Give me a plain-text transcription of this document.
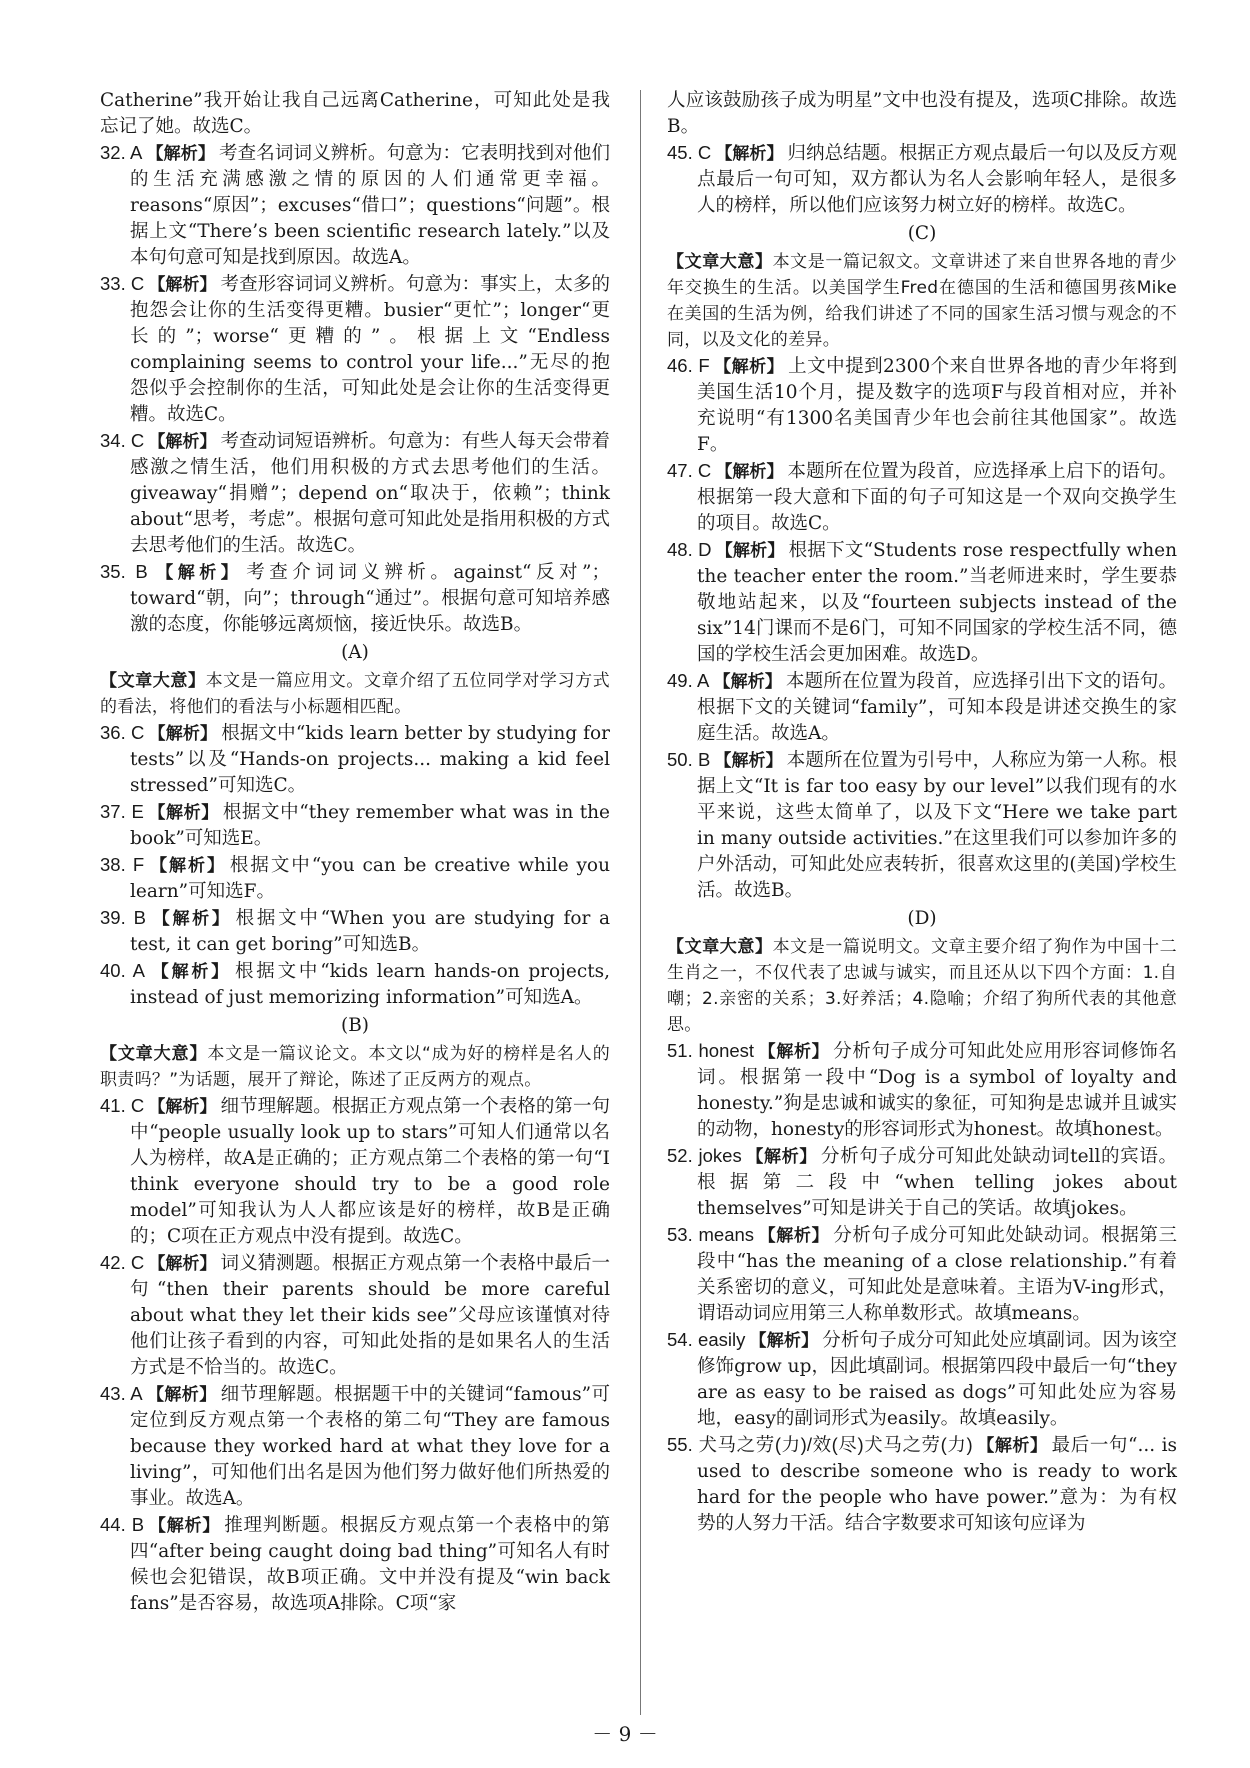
Catherine”我开始让我自己远离Catherine，可知此处是我忘记了她。故选C。

32. A 【解析】 考查名词词义辨析。句意为：它表明找到对他们的生活充满感激之情的原因的人们通常更幸福。reasons“原因”；excuses“借口”；questions“问题”。根据上文“There’s been scientific research lately.”以及本句句意可知是找到原因。故选A。

33. C 【解析】 考查形容词词义辨析。句意为：事实上，太多的抱怨会让你的生活变得更糟。busier“更忙”；longer“更长的”；worse“更糟的”。根据上文“Endless complaining seems to control your life...”无尽的抱怨似乎会控制你的生活，可知此处是会让你的生活变得更糟。故选C。

34. C 【解析】 考查动词短语辨析。句意为：有些人每天会带着感激之情生活，他们用积极的方式去思考他们的生活。giveaway“捐赠”；depend on“取决于，依赖”；think about“思考，考虑”。根据句意可知此处是指用积极的方式去思考他们的生活。故选C。

35. B 【解析】 考查介词词义辨析。against“反对”；toward“朝，向”；through“通过”。根据句意可知培养感激的态度，你能够远离烦恼，接近快乐。故选B。

(A)

【文章大意】本文是一篇应用文。文章介绍了五位同学对学习方式的看法，将他们的看法与小标题相匹配。

36. C 【解析】 根据文中“kids learn better by studying for tests”以及“Hands-on projects... making a kid feel stressed”可知选C。

37. E 【解析】 根据文中“they remember what was in the book”可知选E。

38. F 【解析】 根据文中“you can be creative while you learn”可知选F。

39. B 【解析】 根据文中“When you are studying for a test, it can get boring”可知选B。

40. A 【解析】 根据文中“kids learn hands-on projects, instead of just memorizing information”可知选A。

(B)

【文章大意】本文是一篇议论文。本文以“成为好的榜样是名人的职责吗？”为话题，展开了辩论，陈述了正反两方的观点。

41. C 【解析】 细节理解题。根据正方观点第一个表格的第一句中“people usually look up to stars”可知人们通常以名人为榜样，故A是正确的；正方观点第二个表格的第一句“I think everyone should try to be a good role model”可知我认为人人都应该是好的榜样，故B是正确的；C项在正方观点中没有提到。故选C。

42. C 【解析】 词义猜测题。根据正方观点第一个表格中最后一句“then their parents should be more careful about what they let their kids see”父母应该谨慎对待他们让孩子看到的内容，可知此处指的是如果名人的生活方式是不恰当的。故选C。

43. A 【解析】 细节理解题。根据题干中的关键词“famous”可定位到反方观点第一个表格的第二句“They are famous because they worked hard at what they love for a living”，可知他们出名是因为他们努力做好他们所热爱的事业。故选A。

44. B 【解析】 推理判断题。根据反方观点第一个表格中的第四“after being caught doing bad thing”可知名人有时候也会犯错误，故B项正确。文中并没有提及“win back fans”是否容易，故选项A排除。C项“家

人应该鼓励孩子成为明星”文中也没有提及，选项C排除。故选B。

45. C 【解析】 归纳总结题。根据正方观点最后一句以及反方观点最后一句可知，双方都认为名人会影响年轻人，是很多人的榜样，所以他们应该努力树立好的榜样。故选C。

(C)

【文章大意】本文是一篇记叙文。文章讲述了来自世界各地的青少年交换生的生活。以美国学生Fred在德国的生活和德国男孩Mike在美国的生活为例，给我们讲述了不同的国家生活习惯与观念的不同，以及文化的差异。

46. F 【解析】 上文中提到2300个来自世界各地的青少年将到美国生活10个月，提及数字的选项F与段首相对应，并补充说明“有1300名美国青少年也会前往其他国家”。故选F。

47. C 【解析】 本题所在位置为段首，应选择承上启下的语句。根据第一段大意和下面的句子可知这是一个双向交换学生的项目。故选C。

48. D 【解析】 根据下文“Students rose respectfully when the teacher enter the room.”当老师进来时，学生要恭敬地站起来，以及“fourteen subjects instead of the six”14门课而不是6门，可知不同国家的学校生活不同，德国的学校生活会更加困难。故选D。

49. A 【解析】 本题所在位置为段首，应选择引出下文的语句。根据下文的关键词“family”，可知本段是讲述交换生的家庭生活。故选A。

50. B 【解析】 本题所在位置为引号中，人称应为第一人称。根据上文“It is far too easy by our level”以我们现有的水平来说，这些太简单了，以及下文“Here we take part in many outside activities.”在这里我们可以参加许多的户外活动，可知此处应表转折，很喜欢这里的(美国)学校生活。故选B。

(D)

【文章大意】本文是一篇说明文。文章主要介绍了狗作为中国十二生肖之一，不仅代表了忠诚与诚实，而且还从以下四个方面：1.自嘲；2.亲密的关系；3.好养活；4.隐喻；介绍了狗所代表的其他意思。

51. honest 【解析】 分析句子成分可知此处应用形容词修饰名词。根据第一段中“Dog is a symbol of loyalty and honesty.”狗是忠诚和诚实的象征，可知狗是忠诚并且诚实的动物，honesty的形容词形式为honest。故填honest。

52. jokes 【解析】 分析句子成分可知此处缺动词tell的宾语。根据第二段中“when telling jokes about themselves”可知是讲关于自己的笑话。故填jokes。

53. means 【解析】 分析句子成分可知此处缺动词。根据第三段中“has the meaning of a close relationship.”有着关系密切的意义，可知此处是意味着。主语为V-ing形式，谓语动词应用第三人称单数形式。故填means。

54. easily 【解析】 分析句子成分可知此处应填副词。因为该空修饰grow up，因此填副词。根据第四段中最后一句“they are as easy to be raised as dogs”可知此处应为容易地，easy的副词形式为easily。故填easily。

55. 犬马之劳(力)/效(尽)犬马之劳(力) 【解析】 最后一句“... is used to describe someone who is ready to work hard for the people who have power.”意为：为有权势的人努力干活。结合字数要求可知该句应译为

－ 9 －
